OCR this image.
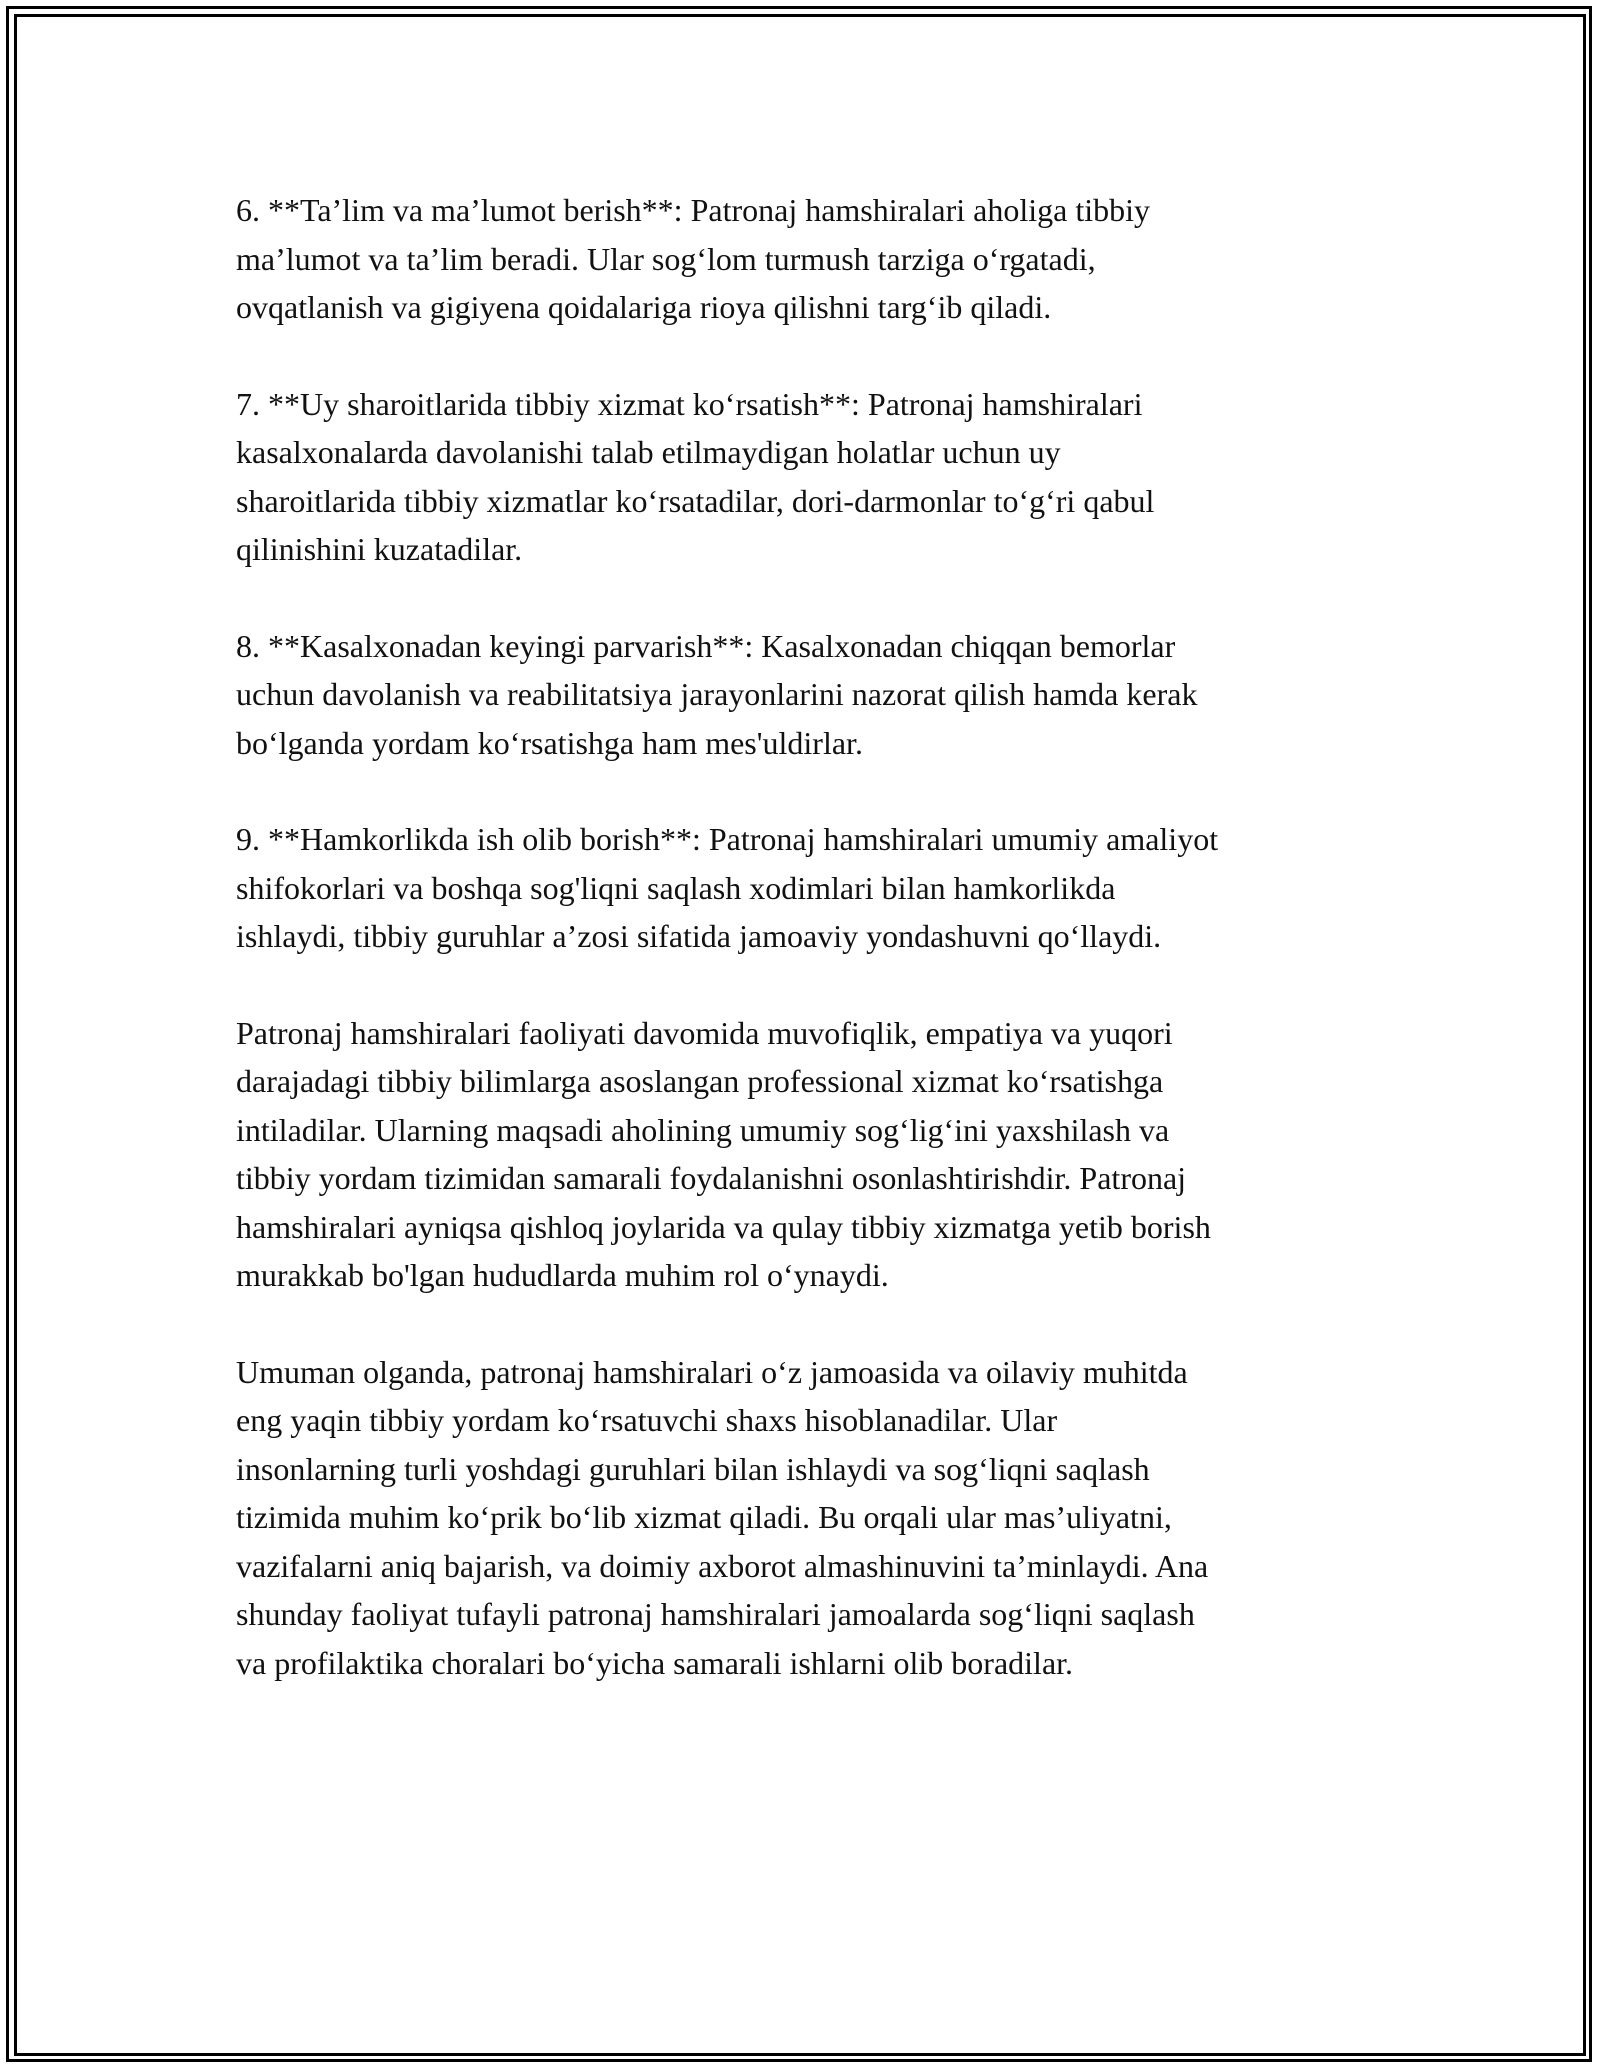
6. **Ta’lim va ma’lumot berish**: Patronaj hamshiralari aholiga tibbiy
ma’lumot va ta’lim beradi. Ular sog‘lom turmush tarziga o‘rgatadi,
ovqatlanish va gigiyena qoidalariga rioya qilishni targ‘ib qiladi.

7. **Uy sharoitlarida tibbiy xizmat ko‘rsatish**: Patronaj hamshiralari
kasalxonalarda davolanishi talab etilmaydigan holatlar uchun uy
sharoitlarida tibbiy xizmatlar ko‘rsatadilar, dori-darmonlar to‘g‘ri qabul
qilinishini kuzatadilar.

8. **Kasalxonadan keyingi parvarish**: Kasalxonadan chiqqan bemorlar
uchun davolanish va reabilitatsiya jarayonlarini nazorat qilish hamda kerak
bo‘lganda yordam ko‘rsatishga ham mes'uldirlar.

9. **Hamkorlikda ish olib borish**: Patronaj hamshiralari umumiy amaliyot
shifokorlari va boshqa sog'liqni saqlash xodimlari bilan hamkorlikda
ishlaydi, tibbiy guruhlar a’zosi sifatida jamoaviy yondashuvni qo‘llaydi.

Patronaj hamshiralari faoliyati davomida muvofiqlik, empatiya va yuqori
darajadagi tibbiy bilimlarga asoslangan professional xizmat ko‘rsatishga
intiladilar. Ularning maqsadi aholining umumiy sog‘lig‘ini yaxshilash va
tibbiy yordam tizimidan samarali foydalanishni osonlashtirishdir. Patronaj
hamshiralari ayniqsa qishloq joylarida va qulay tibbiy xizmatga yetib borish
murakkab bo'lgan hududlarda muhim rol o‘ynaydi.

Umuman olganda, patronaj hamshiralari o‘z jamoasida va oilaviy muhitda
eng yaqin tibbiy yordam ko‘rsatuvchi shaxs hisoblanadilar. Ular
insonlarning turli yoshdagi guruhlari bilan ishlaydi va sog‘liqni saqlash
tizimida muhim ko‘prik bo‘lib xizmat qiladi. Bu orqali ular mas’uliyatni,
vazifalarni aniq bajarish, va doimiy axborot almashinuvini ta’minlaydi. Ana
shunday faoliyat tufayli patronaj hamshiralari jamoalarda sog‘liqni saqlash
va profilaktika choralari bo‘yicha samarali ishlarni olib boradilar.
